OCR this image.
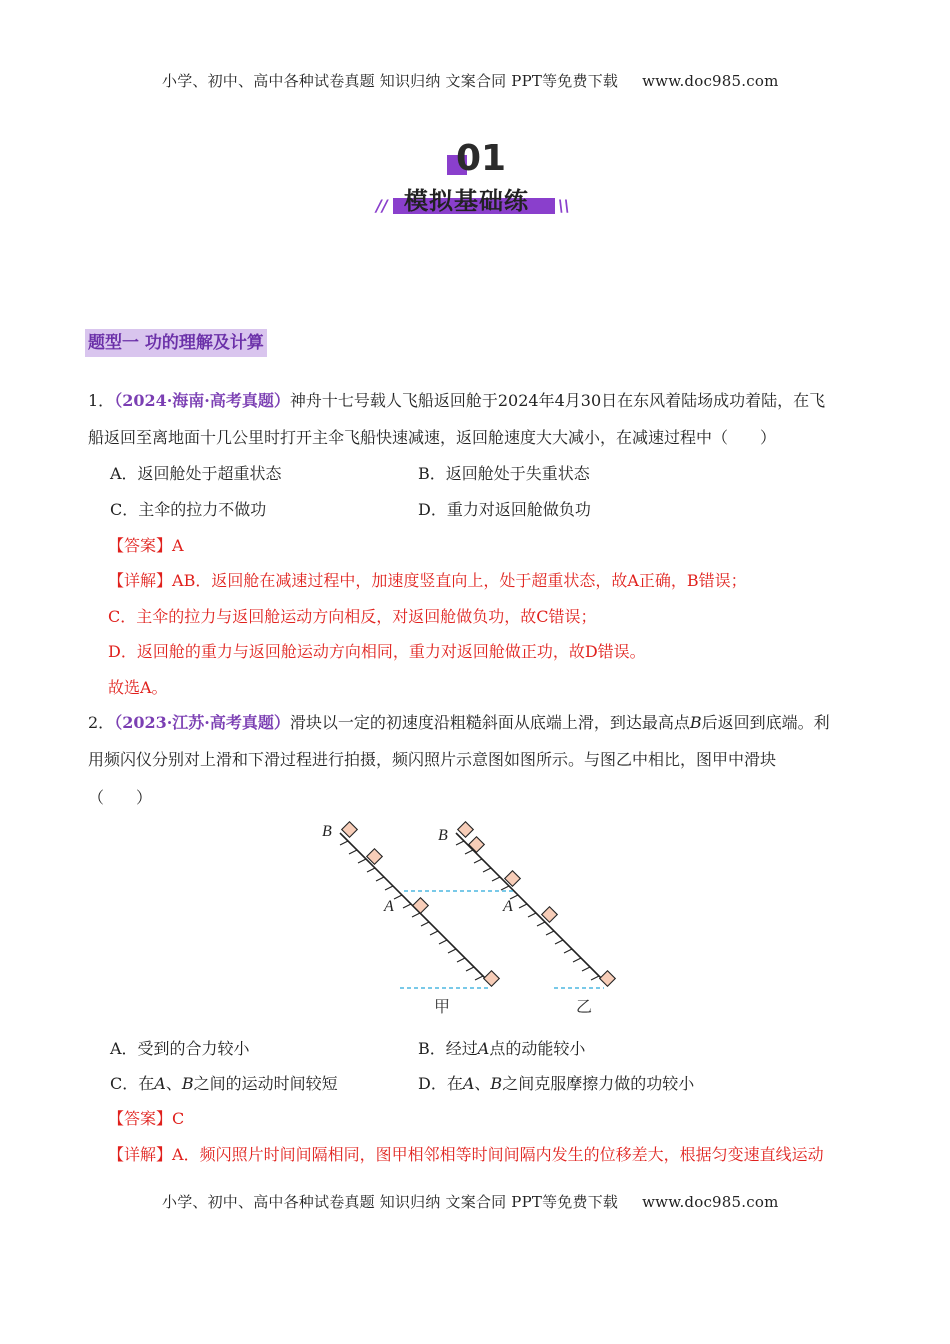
小学、初中、高中各种试卷真题 知识归纳 文案合同 PPT等免费下载 www.doc985.com
01
模拟基础练
//	\\
题型一 功的理解及计算
1．（2024·海南·高考真题）神舟十七号载人飞船返回舱于2024年4月30日在东风着陆场成功着陆，在飞
船返回至离地面十几公里时打开主伞飞船快速减速，返回舱速度大大减小，在减速过程中（　　）
A．返回舱处于超重状态	B．返回舱处于失重状态
C．主伞的拉力不做功	D．重力对返回舱做负功
【答案】A
【详解】AB．返回舱在减速过程中，加速度竖直向上，处于超重状态，故A正确，B错误；
C．主伞的拉力与返回舱运动方向相反，对返回舱做负功，故C错误；
D．返回舱的重力与返回舱运动方向相同，重力对返回舱做正功，故D错误。
故选A。
2．（2023·江苏·高考真题）滑块以一定的初速度沿粗糙斜面从底端上滑，到达最高点B后返回到底端。利
用频闪仪分别对上滑和下滑过程进行拍摄，频闪照片示意图如图所示。与图乙中相比，图甲中滑块
（　　）
B	B
A	A
甲	乙
A．受到的合力较小	B．经过A点的动能较小
C．在A、B之间的运动时间较短	D．在A、B之间克服摩擦力做的功较小
【答案】C
【详解】A．频闪照片时间间隔相同，图甲相邻相等时间间隔内发生的位移差大，根据匀变速直线运动
小学、初中、高中各种试卷真题 知识归纳 文案合同 PPT等免费下载 www.doc985.com
